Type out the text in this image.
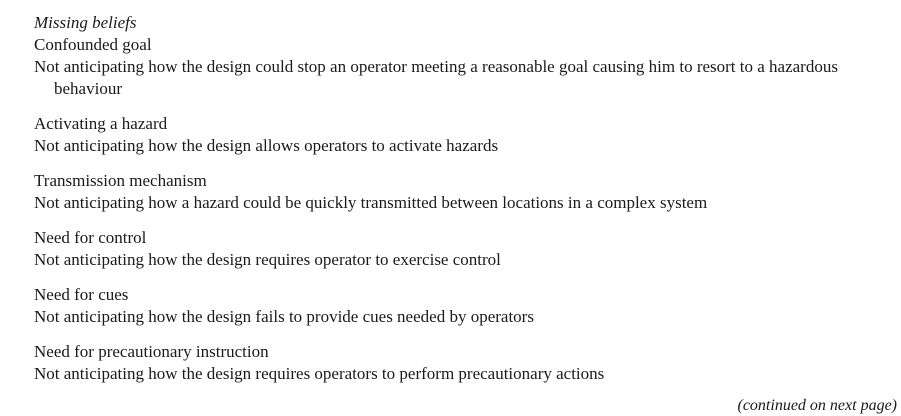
Missing beliefs

Confounded goal

Not anticipating how the design could stop an operator meeting a reasonable goal causing him to resort to a hazardous behaviour

Activating a hazard

Not anticipating how the design allows operators to activate hazards

Transmission mechanism

Not anticipating how a hazard could be quickly transmitted between locations in a complex system

Need for control

Not anticipating how the design requires operator to exercise control

Need for cues

Not anticipating how the design fails to provide cues needed by operators

Need for precautionary instruction

Not anticipating how the design requires operators to perform precautionary actions

(continued on next page)
